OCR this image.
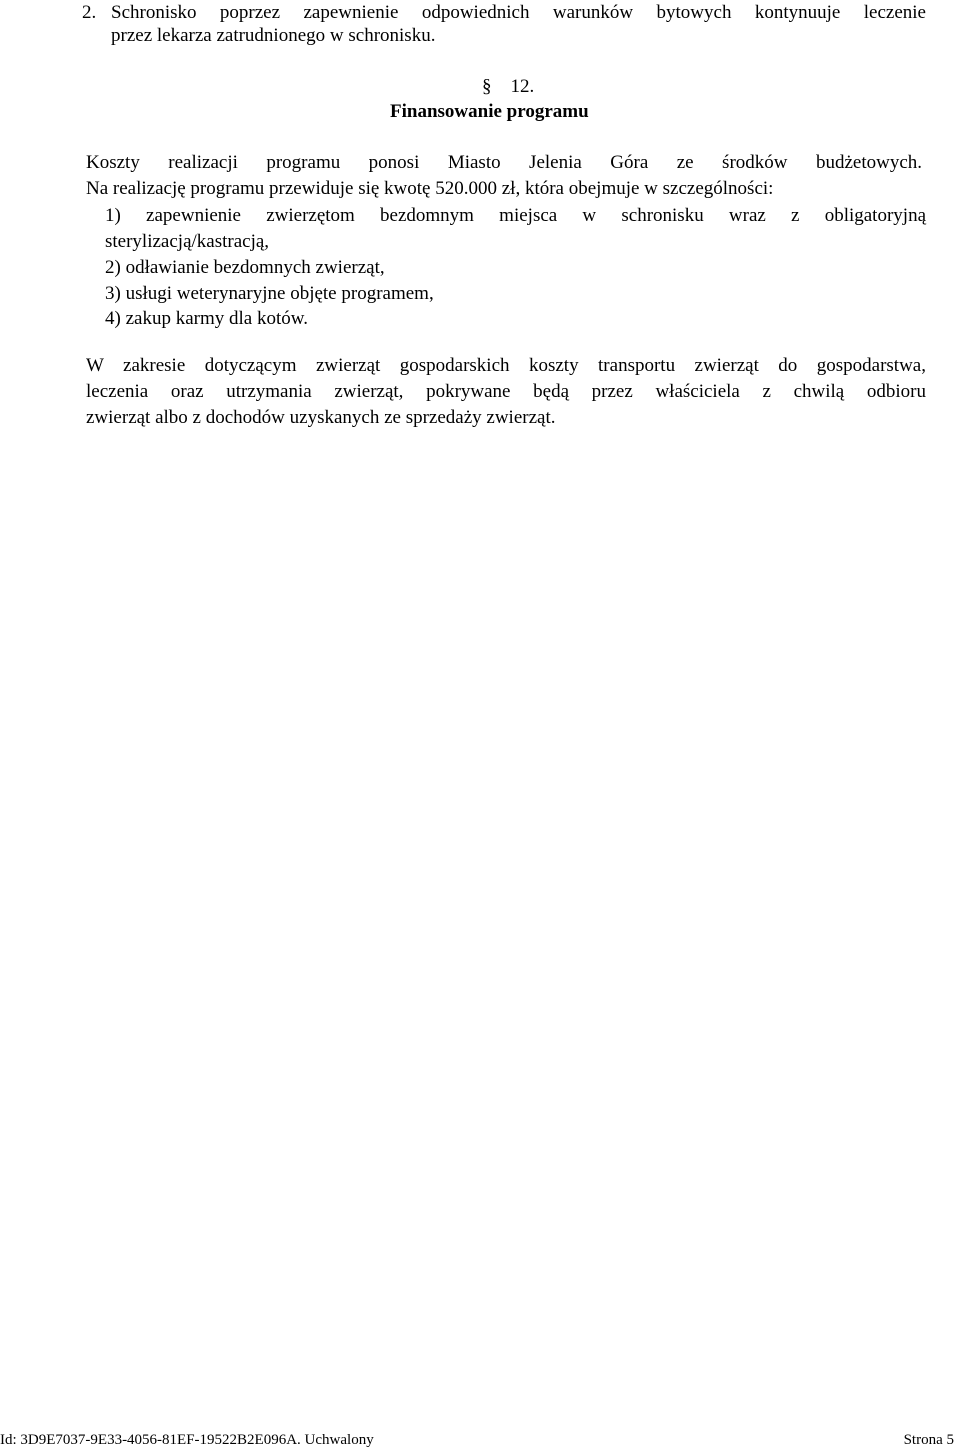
2. Schronisko poprzez zapewnienie odpowiednich warunków bytowych kontynuuje leczenie
przez lekarza zatrudnionego w schronisku.
§ 12.
Finansowanie programu
Koszty realizacji programu ponosi Miasto Jelenia Góra ze środków budżetowych.
Na realizację programu przewiduje się kwotę 520.000 zł, która obejmuje w szczególności:
1) zapewnienie zwierzętom bezdomnym miejsca w schronisku wraz z obligatoryjną
sterylizacją/kastracją,
2) odławianie bezdomnych zwierząt,
3) usługi weterynaryjne objęte programem,
4) zakup karmy dla kotów.
W zakresie dotyczącym zwierząt gospodarskich koszty transportu zwierząt do gospodarstwa,
leczenia oraz utrzymania zwierząt, pokrywane będą przez właściciela z chwilą odbioru
zwierząt albo z dochodów uzyskanych ze sprzedaży zwierząt.
Id: 3D9E7037-9E33-4056-81EF-19522B2E096A. Uchwalony	Strona 5
